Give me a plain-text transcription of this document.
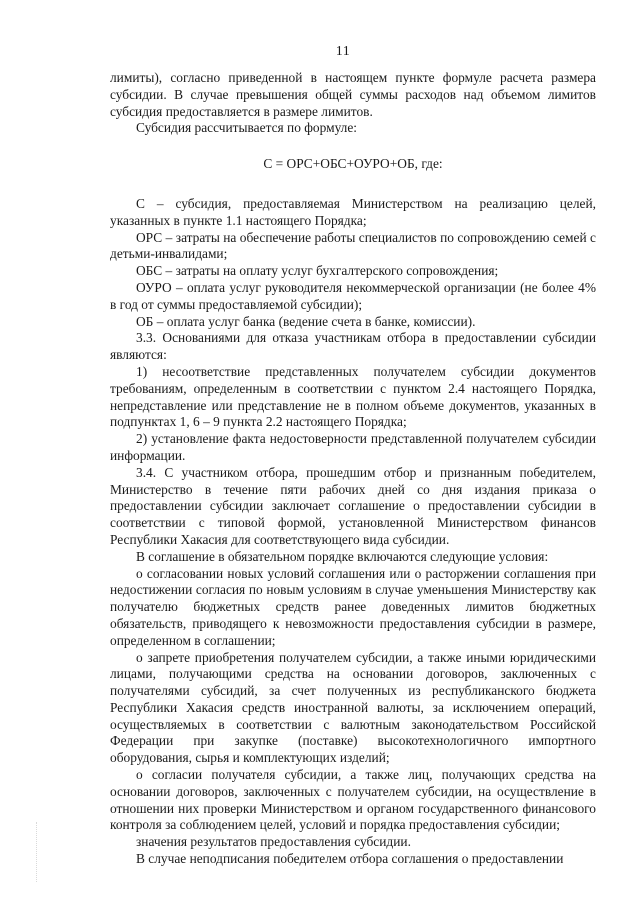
11

лимиты), согласно приведенной в настоящем пункте формуле расчета размера субсидии. В случае превышения общей суммы расходов над объемом лимитов субсидия предоставляется в размере лимитов.

Субсидия рассчитывается по формуле:

С = ОРС+ОБС+ОУРО+ОБ, где:

С – субсидия, предоставляемая Министерством на реализацию целей, указанных в пункте 1.1 настоящего Порядка;

ОРС – затраты на обеспечение работы специалистов по сопровождению семей с детьми-инвалидами;

ОБС – затраты на оплату услуг бухгалтерского сопровождения;

ОУРО – оплата услуг руководителя некоммерческой организации (не более 4% в год от суммы предоставляемой субсидии);

ОБ – оплата услуг банка (ведение счета в банке, комиссии).

3.3. Основаниями для отказа участникам отбора в предоставлении субсидии являются:

1) несоответствие представленных получателем субсидии документов требованиям, определенным в соответствии с пунктом 2.4 настоящего Порядка, непредставление или представление не в полном объеме документов, указанных в подпунктах 1, 6 – 9 пункта 2.2 настоящего Порядка;

2) установление факта недостоверности представленной получателем субсидии информации.

3.4. С участником отбора, прошедшим отбор и признанным победителем, Министерство в течение пяти рабочих дней со дня издания приказа о предоставлении субсидии заключает соглашение о предоставлении субсидии в соответствии с типовой формой, установленной Министерством финансов Республики Хакасия для соответствующего вида субсидии.

В соглашение в обязательном порядке включаются следующие условия:

о согласовании новых условий соглашения или о расторжении соглашения при недостижении согласия по новым условиям в случае уменьшения Министерству как получателю бюджетных средств ранее доведенных лимитов бюджетных обязательств, приводящего к невозможности предоставления субсидии в размере, определенном в соглашении;

о запрете приобретения получателем субсидии, а также иными юридическими лицами, получающими средства на основании договоров, заключенных с получателями субсидий, за счет полученных из республиканского бюджета Республики Хакасия средств иностранной валюты, за исключением операций, осуществляемых в соответствии с валютным законодательством Российской Федерации при закупке (поставке) высокотехнологичного импортного оборудования, сырья и комплектующих изделий;

о согласии получателя субсидии, а также лиц, получающих средства на основании договоров, заключенных с получателем субсидии, на осуществление в отношении них проверки Министерством и органом государственного финансового контроля за соблюдением целей, условий и порядка предоставления субсидии;

значения результатов предоставления субсидии.

В случае неподписания победителем отбора соглашения о предоставлении
